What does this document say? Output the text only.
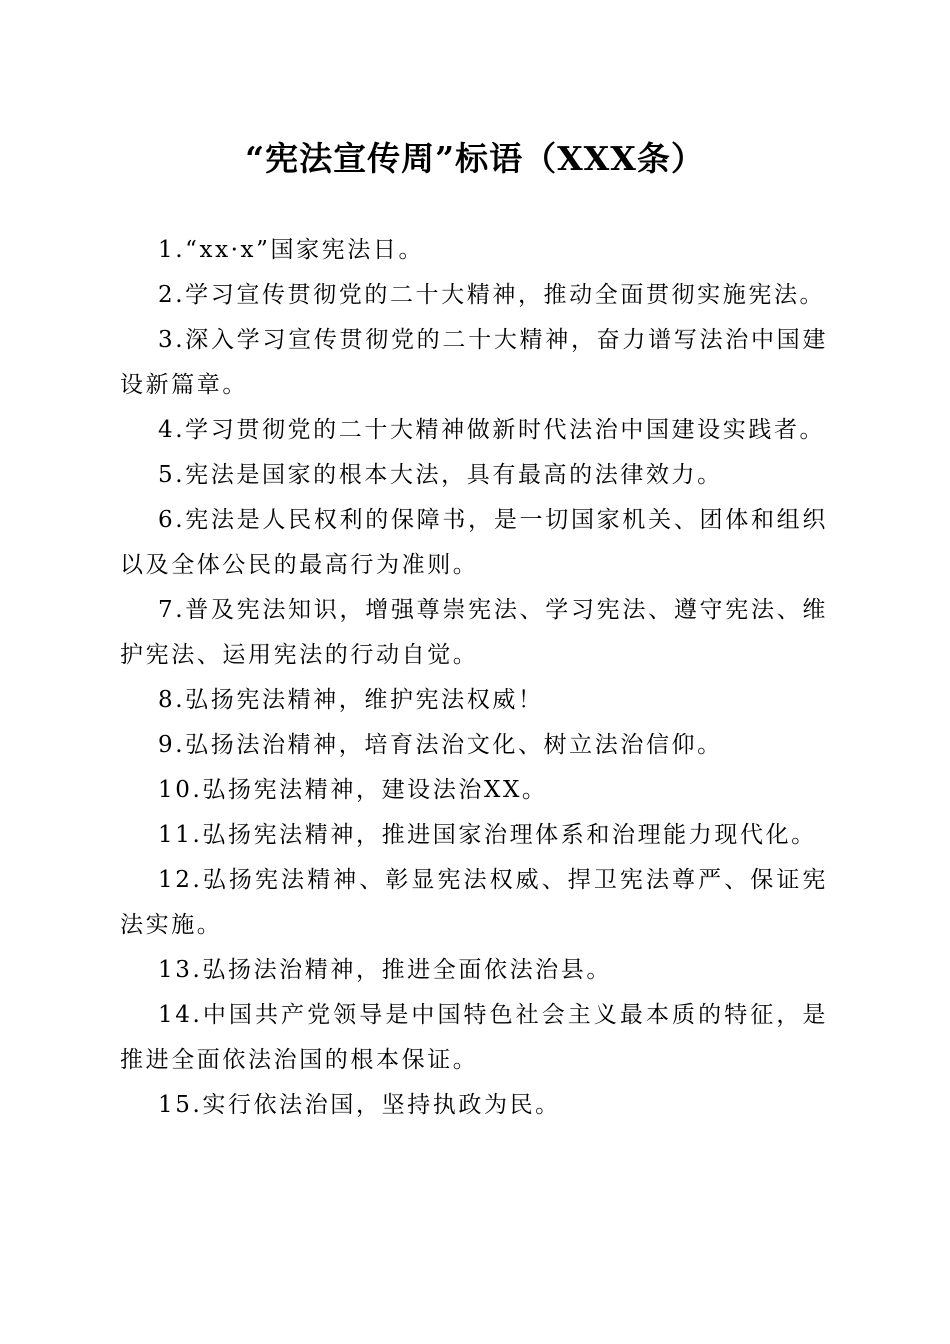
“宪法宣传周”标语（XXX条）

1.“xx·x”国家宪法日。

2.学习宣传贯彻党的二十大精神，推动全面贯彻实施宪法。

3.深入学习宣传贯彻党的二十大精神，奋力谱写法治中国建设新篇章。

4.学习贯彻党的二十大精神做新时代法治中国建设实践者。

5.宪法是国家的根本大法，具有最高的法律效力。

6.宪法是人民权利的保障书，是一切国家机关、团体和组织以及全体公民的最高行为准则。

7.普及宪法知识，增强尊崇宪法、学习宪法、遵守宪法、维护宪法、运用宪法的行动自觉。

8.弘扬宪法精神，维护宪法权威！

9.弘扬法治精神，培育法治文化、树立法治信仰。

10.弘扬宪法精神，建设法治XX。

11.弘扬宪法精神，推进国家治理体系和治理能力现代化。

12.弘扬宪法精神、彰显宪法权威、捍卫宪法尊严、保证宪法实施。

13.弘扬法治精神，推进全面依法治县。

14.中国共产党领导是中国特色社会主义最本质的特征，是推进全面依法治国的根本保证。

15.实行依法治国，坚持执政为民。
